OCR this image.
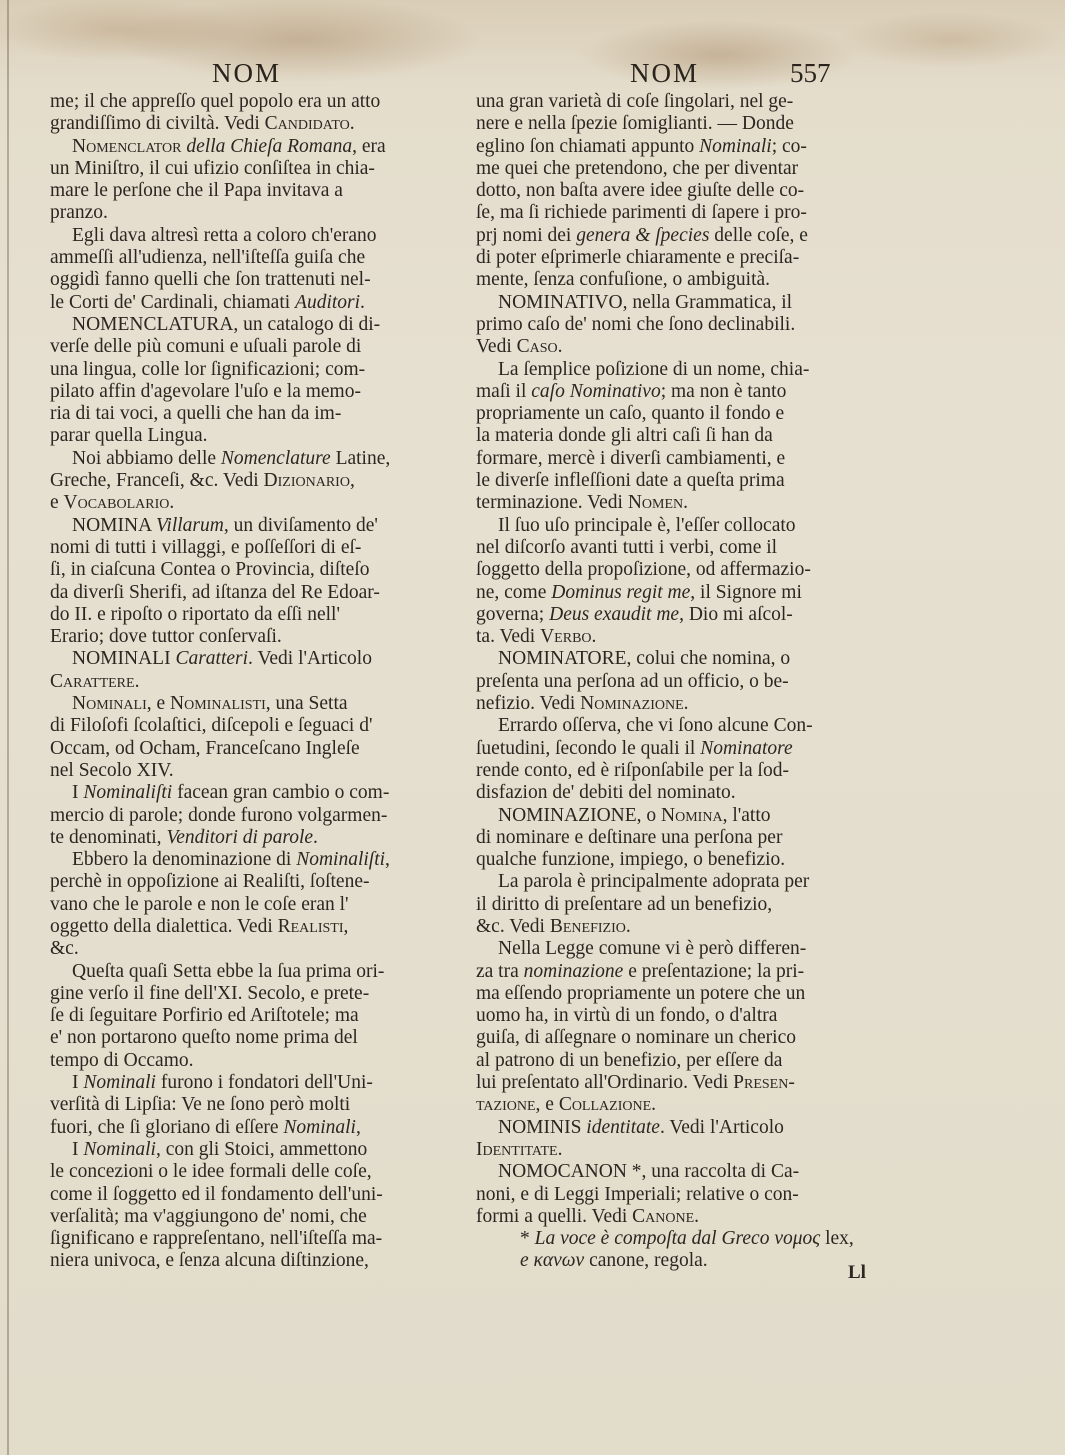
NOM	NOM	557
me; il che appreſſo quel popolo era un atto
grandiſſimo di civiltà. Vedi Candidato.
Nomenclator della Chieſa Romana, era
un Miniſtro, il cui ufizio conſiſtea in chia-
mare le perſone che il Papa invitava a
pranzo.
Egli dava altresì retta a coloro ch'erano
ammeſſi all'udienza, nell'iſteſſa guiſa che
oggidì fanno quelli che ſon trattenuti nel-
le Corti de' Cardinali, chiamati Auditori.
NOMENCLATURA, un catalogo di di-
verſe delle più comuni e uſuali parole di
una lingua, colle lor ſignificazioni; com-
pilato affin d'agevolare l'uſo e la memo-
ria di tai voci, a quelli che han da im-
parar quella Lingua.
Noi abbiamo delle Nomenclature Latine,
Greche, Franceſi, &c. Vedi Dizionario,
e Vocabolario.
NOMINA Villarum, un diviſamento de'
nomi di tutti i villaggi, e poſſeſſori di eſ-
ſi, in ciaſcuna Contea o Provincia, diſteſo
da diverſi Sherifi, ad iſtanza del Re Edoar-
do II. e ripoſto o riportato da eſſi nell'
Erario; dove tuttor conſervaſi.
NOMINALI Caratteri. Vedi l'Articolo
Carattere.
Nominali, e Nominalisti, una Setta
di Filoſofi ſcolaſtici, diſcepoli e ſeguaci d'
Occam, od Ocham, Franceſcano Ingleſe
nel Secolo XIV.
I Nominaliſti facean gran cambio o com-
mercio di parole; donde furono volgarmen-
te denominati, Venditori di parole.
Ebbero la denominazione di Nominaliſti,
perchè in oppoſizione ai Realiſti, ſoſtene-
vano che le parole e non le coſe eran l'
oggetto della dialettica. Vedi Realisti,
&c.
Queſta quaſi Setta ebbe la ſua prima ori-
gine verſo il fine dell'XI. Secolo, e prete-
ſe di ſeguitare Porfirio ed Ariſtotele; ma
e' non portarono queſto nome prima del
tempo di Occamo.
I Nominali furono i fondatori dell'Uni-
verſità di Lipſia: Ve ne ſono però molti
fuori, che ſi gloriano di eſſere Nominali,
I Nominali, con gli Stoici, ammettono
le concezioni o le idee formali delle coſe,
come il ſoggetto ed il fondamento dell'uni-
verſalità; ma v'aggiungono de' nomi, che
ſignificano e rappreſentano, nell'iſteſſa ma-
niera univoca, e ſenza alcuna diſtinzione,
una gran varietà di coſe ſingolari, nel ge-
nere e nella ſpezie ſomiglianti. — Donde
eglino ſon chiamati appunto Nominali; co-
me quei che pretendono, che per diventar
dotto, non baſta avere idee giuſte delle co-
ſe, ma ſi richiede parimenti di ſapere i pro-
prj nomi dei genera & ſpecies delle coſe, e
di poter eſprimerle chiaramente e preciſa-
mente, ſenza confuſione, o ambiguità.
NOMINATIVO, nella Grammatica, il
primo caſo de' nomi che ſono declinabili.
Vedi Caso.
La ſemplice poſizione di un nome, chia-
maſi il caſo Nominativo; ma non è tanto
propriamente un caſo, quanto il fondo e
la materia donde gli altri caſi ſi han da
formare, mercè i diverſi cambiamenti, e
le diverſe infleſſioni date a queſta prima
terminazione. Vedi Nomen.
Il ſuo uſo principale è, l'eſſer collocato
nel diſcorſo avanti tutti i verbi, come il
ſoggetto della propoſizione, od affermazio-
ne, come Dominus regit me, il Signore mi
governa; Deus exaudit me, Dio mi aſcol-
ta. Vedi Verbo.
NOMINATORE, colui che nomina, o
preſenta una perſona ad un officio, o be-
nefizio. Vedi Nominazione.
Errardo oſſerva, che vi ſono alcune Con-
ſuetudini, ſecondo le quali il Nominatore
rende conto, ed è riſponſabile per la ſod-
disfazion de' debiti del nominato.
NOMINAZIONE, o Nomina, l'atto
di nominare e deſtinare una perſona per
qualche funzione, impiego, o benefizio.
La parola è principalmente adoprata per
il diritto di preſentare ad un benefizio,
&c. Vedi Benefizio.
Nella Legge comune vi è però differen-
za tra nominazione e preſentazione; la pri-
ma eſſendo propriamente un potere che un
uomo ha, in virtù di un fondo, o d'altra
guiſa, di aſſegnare o nominare un cherico
al patrono di un benefizio, per eſſere da
lui preſentato all'Ordinario. Vedi Presen-
tazione, e Collazione.
NOMINIS identitate. Vedi l'Articolo
Identitate.
NOMOCANON *, una raccolta di Ca-
noni, e di Leggi Imperiali; relative o con-
formi a quelli. Vedi Canone.
* La voce è compoſta dal Greco νομος lex,
e κανων canone, regola.
Ll
